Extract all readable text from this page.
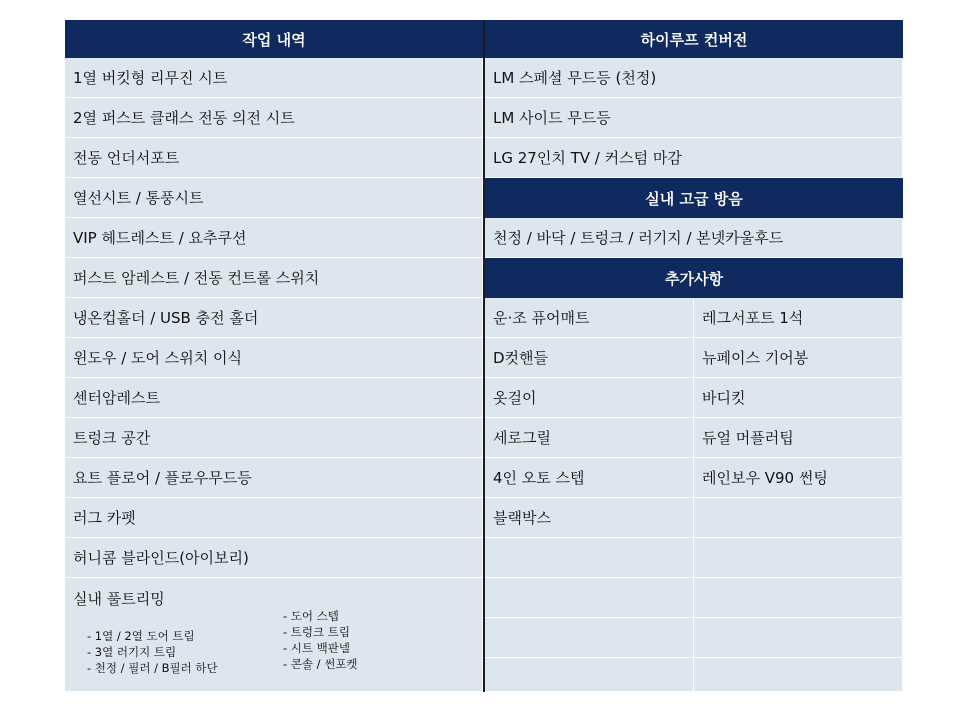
작업 내역
1열 버킷형 리무진 시트
2열 퍼스트 클래스 전동 의전 시트
전동 언더서포트
열선시트 / 통풍시트
VIP 헤드레스트 / 요추쿠션
퍼스트 암레스트 / 전동 컨트롤 스위치
냉온컵홀더 / USB 충전 홀더
윈도우 / 도어 스위치 이식
센터암레스트
트렁크 공간
요트 플로어 / 플로우무드등
러그 카펫
허니콤 블라인드(아이보리)
실내 풀트리밍
- 1열 / 2열 도어 트림
- 3열 러기지 트림
- 천정 / 필러 / B필러 하단
- 도어 스텝
- 트렁크 트림
- 시트 백판넬
- 콘솔 / 썬포켓
하이루프 컨버전
LM 스페셜 무드등 (천정)
LM 사이드 무드등
LG 27인치 TV / 커스텀 마감
실내 고급 방음
천정 / 바닥 / 트렁크 / 러기지 / 본넷카울후드
추가사항
운·조 퓨어매트	레그서포트 1석
D컷핸들	뉴페이스 기어봉
옷걸이	바디킷
세로그릴	듀얼 머플러팁
4인 오토 스텝	레인보우 V90 썬팅
블랙박스
